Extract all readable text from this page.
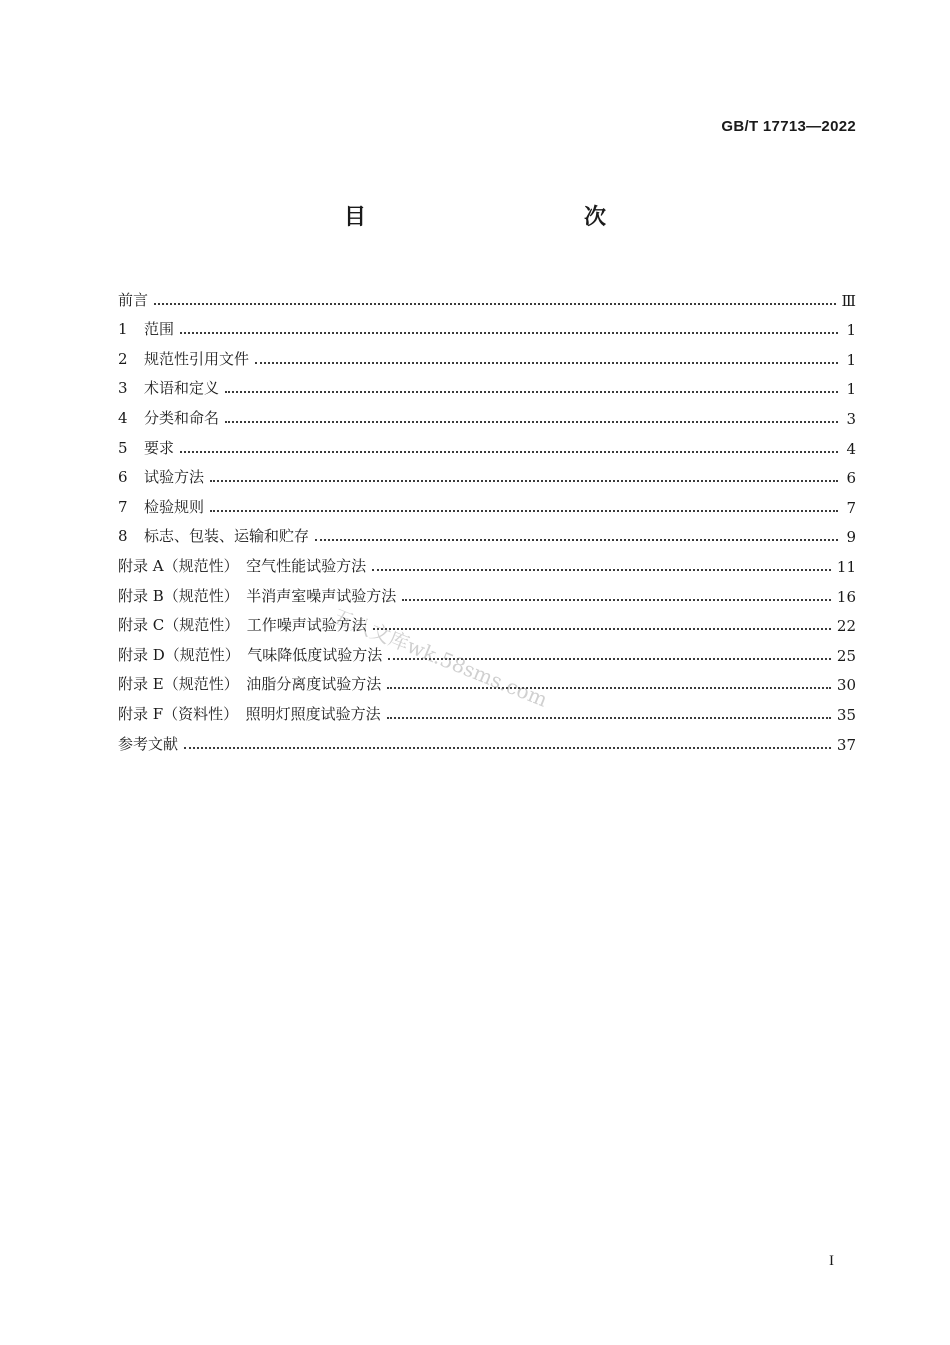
GB/T 17713—2022
目　　次
前言	Ⅲ
1 范围	1
2 规范性引用文件	1
3 术语和定义	1
4 分类和命名	3
5 要求	4
6 试验方法	6
7 检验规则	7
8 标志、包装、运输和贮存	9
附录 A（规范性）　空气性能试验方法	11
附录 B（规范性）　半消声室噪声试验方法	16
附录 C（规范性）　工作噪声试验方法	22
附录 D（规范性）　气味降低度试验方法	25
附录 E（规范性）　油脂分离度试验方法	30
附录 F（资料性）　照明灯照度试验方法	35
参考文献	37
五八文库wk.58sms.com
I
